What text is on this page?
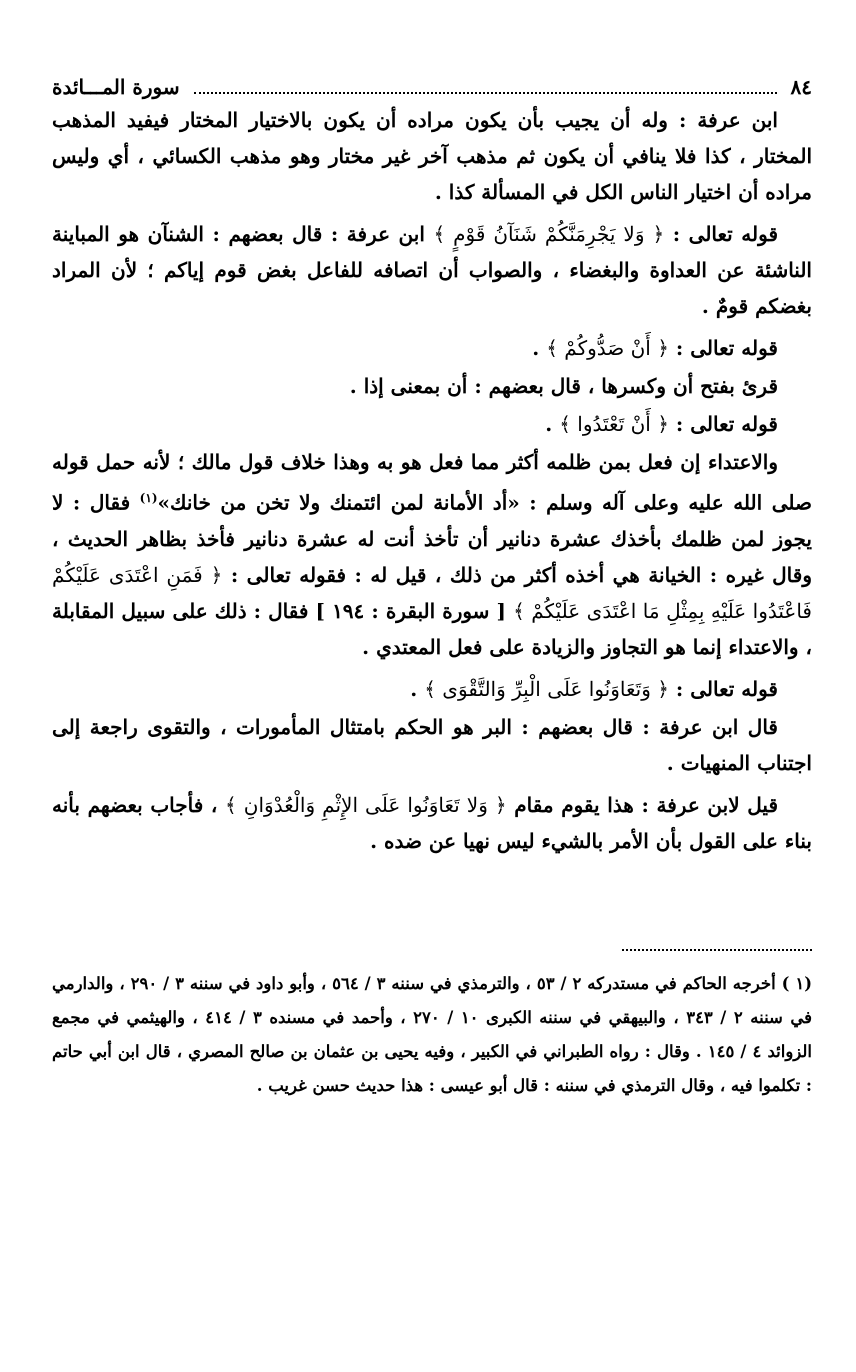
٨٤
سورة المـــائدة

ابن عرفة : وله أن يجيب بأن يكون مراده أن يكون بالاختيار المختار فيفيد المذهب المختار ، كذا فلا ينافي أن يكون ثم مذهب آخر غير مختار وهو مذهب الكسائي ، أي وليس مراده أن اختيار الناس الكل في المسألة كذا .

قوله تعالى : ﴿ وَلا يَجْرِمَنَّكُمْ شَنَآنُ قَوْمٍ ﴾ ابن عرفة : قال بعضهم : الشنآن هو المباينة الناشئة عن العداوة والبغضاء ، والصواب أن اتصافه للفاعل بغض قوم إياكم ؛ لأن المراد بغضكم قومٌ .

قوله تعالى : ﴿ أَنْ صَدُّوكُمْ ﴾ .

قرئ بفتح أن وكسرها ، قال بعضهم : أن بمعنى إذا .

قوله تعالى : ﴿ أَنْ تَعْتَدُوا ﴾ .

والاعتداء إن فعل بمن ظلمه أكثر مما فعل هو به وهذا خلاف قول مالك ؛ لأنه حمل قوله صلى الله عليه وعلى آله وسلم : «أد الأمانة لمن ائتمنك ولا تخن من خانك»$^{(١)}$ فقال : لا يجوز لمن ظلمك بأخذك عشرة دنانير أن تأخذ أنت له عشرة دنانير فأخذ بظاهر الحديث ، وقال غيره : الخيانة هي أخذه أكثر من ذلك ، قيل له : فقوله تعالى : ﴿ فَمَنِ اعْتَدَى عَلَيْكُمْ فَاعْتَدُوا عَلَيْهِ بِمِثْلِ مَا اعْتَدَى عَلَيْكُمْ ﴾ [ سورة البقرة : ١٩٤ ] فقال : ذلك على سبيل المقابلة ، والاعتداء إنما هو التجاوز والزيادة على فعل المعتدي .

قوله تعالى : ﴿ وَتَعَاوَنُوا عَلَى الْبِرِّ وَالتَّقْوَى ﴾ .

قال ابن عرفة : قال بعضهم : البر هو الحكم بامتثال المأمورات ، والتقوى راجعة إلى اجتناب المنهيات .

قيل لابن عرفة : هذا يقوم مقام ﴿ وَلا تَعَاوَنُوا عَلَى الإِثْمِ وَالْعُدْوَانِ ﴾ ، فأجاب بعضهم بأنه بناء على القول بأن الأمر بالشيء ليس نهيا عن ضده .

(١ ) أخرجه الحاكم في مستدركه ٢ / ٥٣ ، والترمذي في سننه ٣ / ٥٦٤ ، وأبو داود في سننه ٣ / ٢٩٠ ، والدارمي في سننه ٢ / ٣٤٣ ، والبيهقي في سننه الكبرى ١٠ / ٢٧٠ ، وأحمد في مسنده ٣ / ٤١٤ ، والهيثمي في مجمع الزوائد ٤ / ١٤٥ . وقال : رواه الطبراني في الكبير ، وفيه يحيى بن عثمان بن صالح المصري ، قال ابن أبي حاتم : تكلموا فيه ، وقال الترمذي في سننه : قال أبو عيسى : هذا حديث حسن غريب .
